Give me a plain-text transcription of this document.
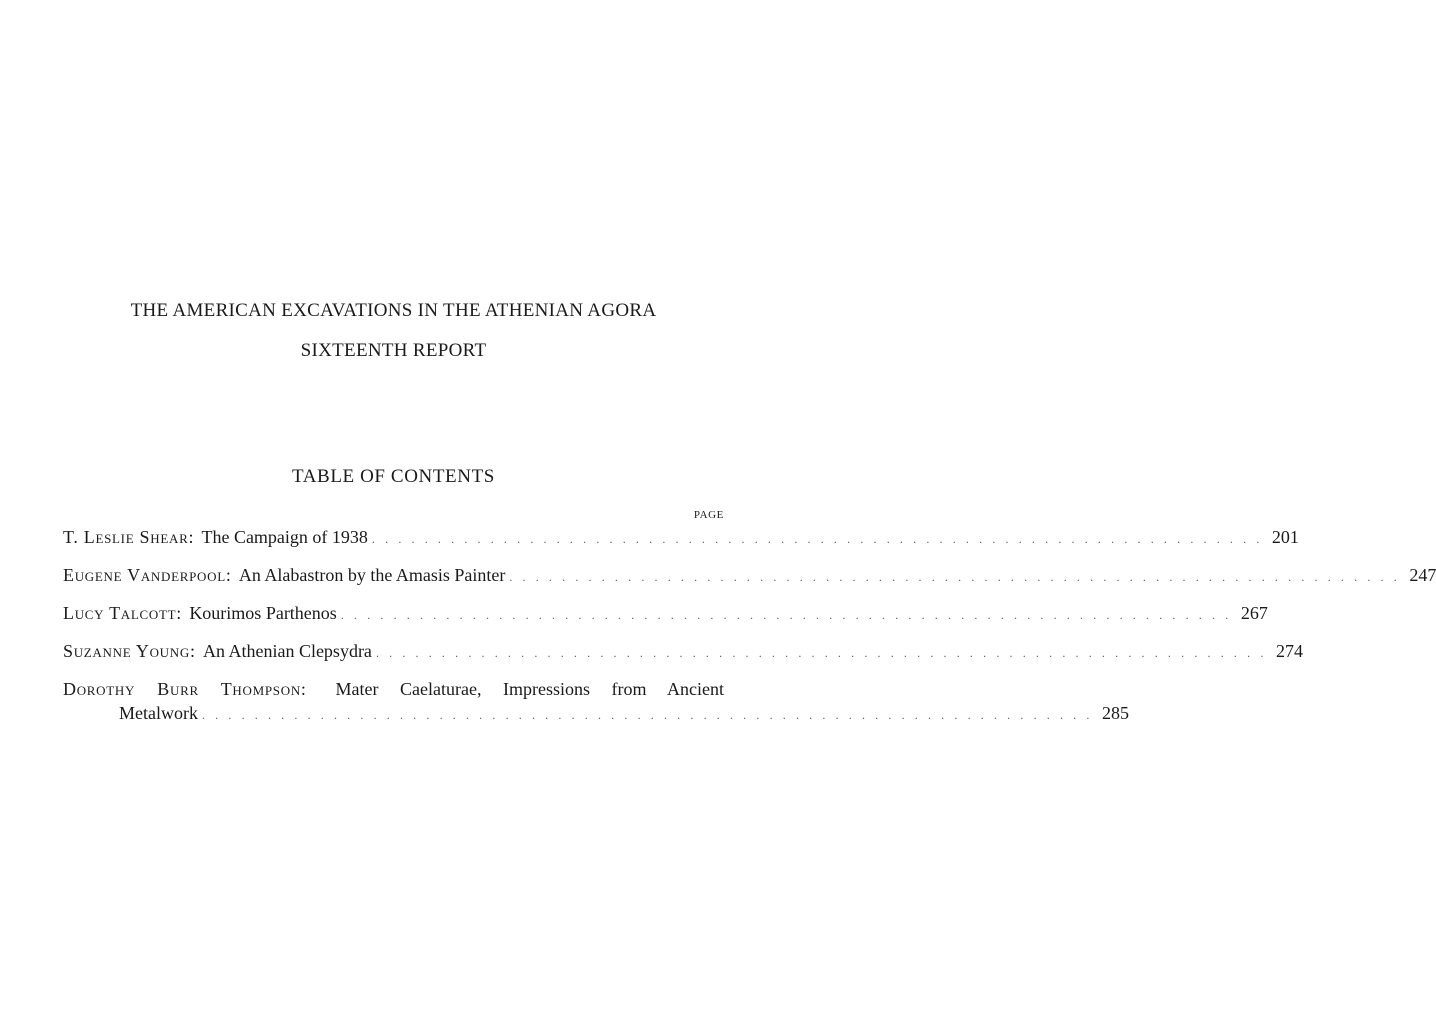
THE AMERICAN EXCAVATIONS IN THE ATHENIAN AGORA
SIXTEENTH REPORT
TABLE OF CONTENTS
PAGE
T. Leslie Shear : The Campaign of 1938 . . . . . . . . . . . . . . . . . . . . . . . . . . . . . . . . . . . . . . . . . . . . . . . . . . . . . . . . . . . . . . . . . . . . 201
Eugene Vanderpool : An Alabastron by the Amasis Painter . . . . . . . . . . . . . . . . . . . . . . . . . . . . . . . . . . . . . . . . . . . . . . . . . . . . . . . . . . . . . . . . . . . . 247
Lucy Talcott : Kourimos Parthenos . . . . . . . . . . . . . . . . . . . . . . . . . . . . . . . . . . . . . . . . . . . . . . . . . . . . . . . . . . . . . . . . . . . . 267
Suzanne Young : An Athenian Clepsydra . . . . . . . . . . . . . . . . . . . . . . . . . . . . . . . . . . . . . . . . . . . . . . . . . . . . . . . . . . . . . . . . . . . . 274
Dorothy Burr Thompson: Mater Caelaturae, Impressions from Ancient
Metalwork . . . . . . . . . . . . . . . . . . . . . . . . . . . . . . . . . . . . . . . . . . . . . . . . . . . . . . . . . . . . . . . . . . . . 285
